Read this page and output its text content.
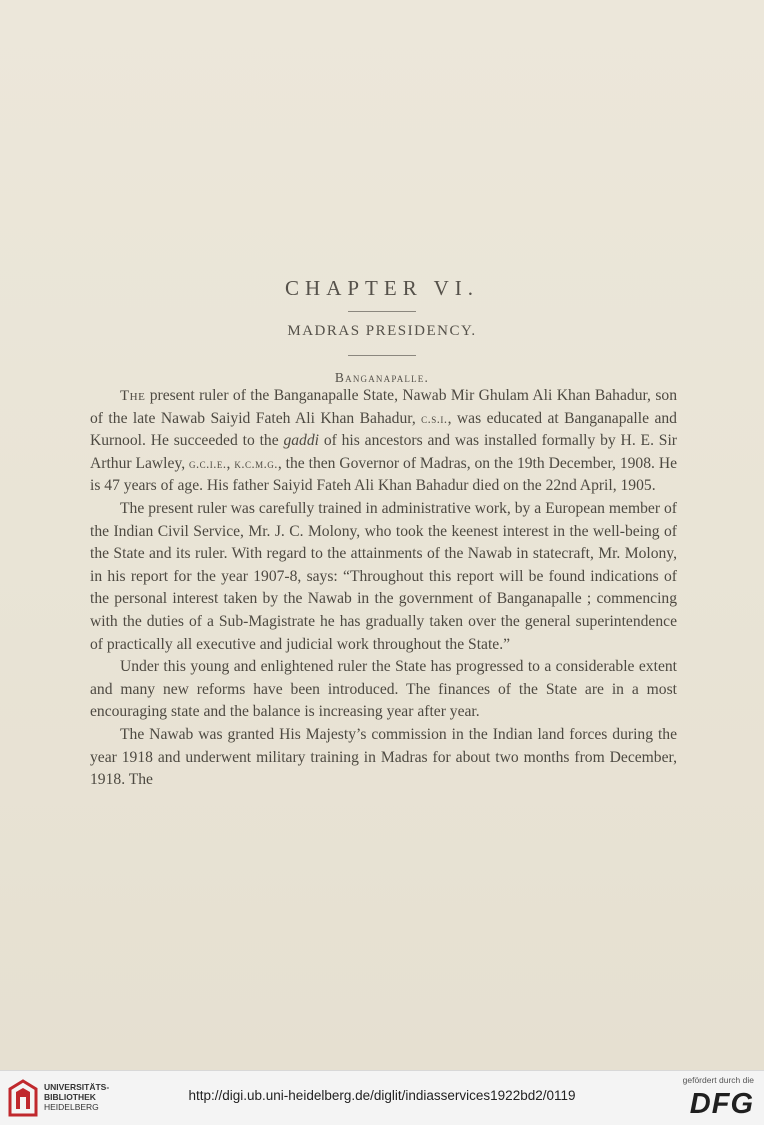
CHAPTER VI.
MADRAS PRESIDENCY.
Banganapalle.

The present ruler of the Banganapalle State, Nawab Mir Ghulam Ali Khan Bahadur, son of the late Nawab Saiyid Fateh Ali Khan Bahadur, c.s.i., was educated at Banganapalle and Kurnool. He succeeded to the gaddi of his ancestors and was installed formally by H. E. Sir Arthur Lawley, g.c.i.e., k.c.m.g., the then Governor of Madras, on the 19th December, 1908. He is 47 years of age. His father Saiyid Fateh Ali Khan Bahadur died on the 22nd April, 1905.

The present ruler was carefully trained in administrative work, by a European member of the Indian Civil Service, Mr. J. C. Molony, who took the keenest interest in the well-being of the State and its ruler. With regard to the attainments of the Nawab in statecraft, Mr. Molony, in his report for the year 1907-8, says: “Throughout this report will be found indications of the personal interest taken by the Nawab in the government of Banganapalle ; commencing with the duties of a Sub-Magistrate he has gradually taken over the general superintendence of practically all executive and judicial work throughout the State.”

Under this young and enlightened ruler the State has progressed to a considerable extent and many new reforms have been introduced. The finances of the State are in a most encouraging state and the balance is increasing year after year.

The Nawab was granted His Majesty’s commission in the Indian land forces during the year 1918 and underwent military training in Madras for about two months from December, 1918. The

UNIVERSITÄTS-
BIBLIOTHEK
HEIDELBERG
http://digi.ub.uni-heidelberg.de/diglit/indiasservices1922bd2/0119
gefördert durch die
DFG
